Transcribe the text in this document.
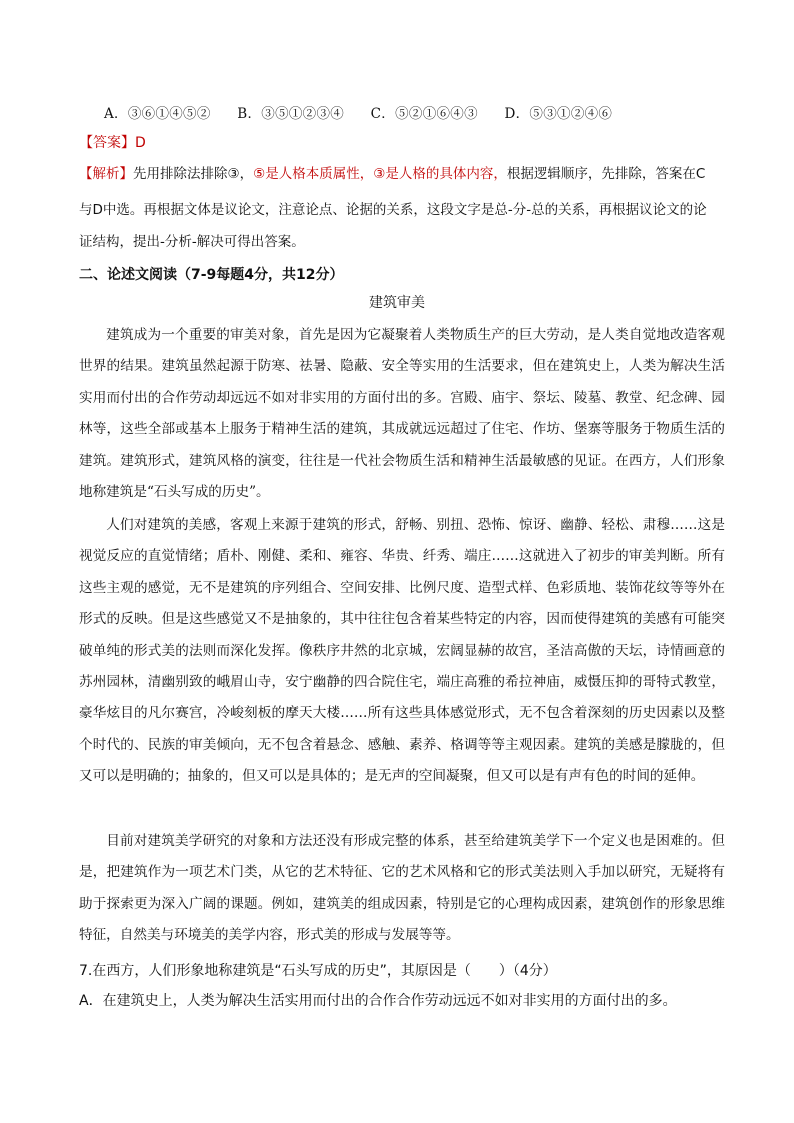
A．③⑥①④⑤② B．③⑤①②③④ C．⑤②①⑥④③ D．⑤③①②④⑥
【答案】D
【解析】先用排除法排除③，⑤是人格本质属性，③是人格的具体内容，根据逻辑顺序，先排除，答案在C
与D中选。再根据文体是议论文，注意论点、论据的关系，这段文字是总-分-总的关系，再根据议论文的论
证结构，提出-分析-解决可得出答案。
二、论述文阅读（7-9每题4分，共12分）
建筑审美

建筑成为一个重要的审美对象，首先是因为它凝聚着人类物质生产的巨大劳动，是人类自觉地改造客观世界的结果。建筑虽然起源于防寒、祛暑、隐蔽、安全等实用的生活要求，但在建筑史上，人类为解决生活实用而付出的合作劳动却远远不如对非实用的方面付出的多。宫殿、庙宇、祭坛、陵墓、教堂、纪念碑、园林等，这些全部或基本上服务于精神生活的建筑，其成就远远超过了住宅、作坊、堡寨等服务于物质生活的建筑。建筑形式，建筑风格的演变，往往是一代社会物质生活和精神生活最敏感的见证。在西方，人们形象地称建筑是“石头写成的历史”。

人们对建筑的美感，客观上来源于建筑的形式，舒畅、别扭、恐怖、惊讶、幽静、轻松、肃穆……这是视觉反应的直觉情绪；盾朴、刚健、柔和、雍容、华贵、纤秀、端庄……这就进入了初步的审美判断。所有这些主观的感觉，无不是建筑的序列组合、空间安排、比例尺度、造型式样、色彩质地、装饰花纹等等外在形式的反映。但是这些感觉又不是抽象的，其中往往包含着某些特定的内容，因而使得建筑的美感有可能突破单纯的形式美的法则而深化发挥。像秩序井然的北京城，宏阔显赫的故宫，圣洁高傲的天坛，诗情画意的苏州园林，清幽别致的峨眉山寺，安宁幽静的四合院住宅，端庄高雅的希拉神庙，威慑压抑的哥特式教堂，豪华炫目的凡尔赛宫，冷峻刻板的摩天大楼……所有这些具体感觉形式，无不包含着深刻的历史因素以及整个时代的、民族的审美倾向，无不包含着悬念、感触、素养、格调等等主观因素。建筑的美感是朦胧的，但又可以是明确的；抽象的，但又可以是具体的；是无声的空间凝聚，但又可以是有声有色的时间的延伸。

目前对建筑美学研究的对象和方法还没有形成完整的体系，甚至给建筑美学下一个定义也是困难的。但是，把建筑作为一项艺术门类，从它的艺术特征、它的艺术风格和它的形式美法则入手加以研究，无疑将有助于探索更为深入广阔的课题。例如，建筑美的组成因素，特别是它的心理构成因素，建筑创作的形象思维特征，自然美与环境美的美学内容，形式美的形成与发展等等。

7.在西方，人们形象地称建筑是“石头写成的历史”，其原因是（　　）（4分）
A．在建筑史上，人类为解决生活实用而付出的合作合作劳动远远不如对非实用的方面付出的多。
